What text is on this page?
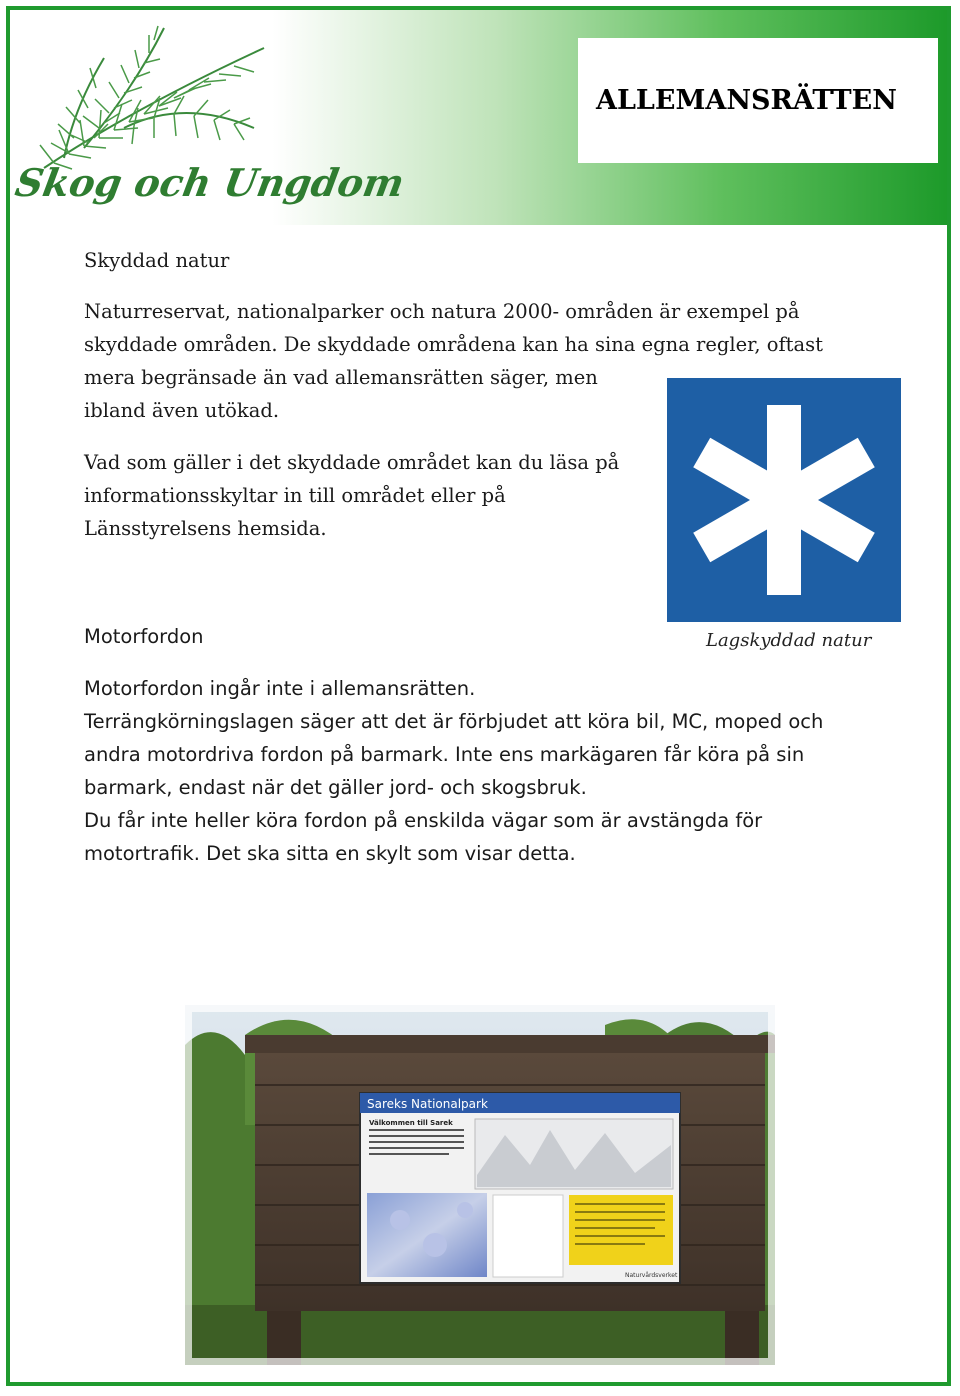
Skog och Ungdom
ALLEMANSRÄTTEN
Skyddad natur
Naturreservat, nationalparker och natura 2000- områden är exempel på
skyddade områden. De skyddade områdena kan ha sina egna regler, oftast
mera begränsade än vad allemansrätten säger, men
ibland även utökad.
Vad som gäller i det skyddade området kan du läsa på
informationsskyltar in till området eller på
Länsstyrelsens hemsida.
Lagskyddad natur
Motorfordon
Motorfordon ingår inte i allemansrätten.
Terrängkörningslagen säger att det är förbjudet att köra bil, MC, moped och
andra motordriva fordon på barmark. Inte ens markägaren får köra på sin
barmark, endast när det gäller jord- och skogsbruk.
Du får inte heller köra fordon på enskilda vägar som är avstängda för
motortrafik. Det ska sitta en skylt som visar detta.
Sareks Nationalpark
Välkommen till Sarek
Naturvårdsverket
